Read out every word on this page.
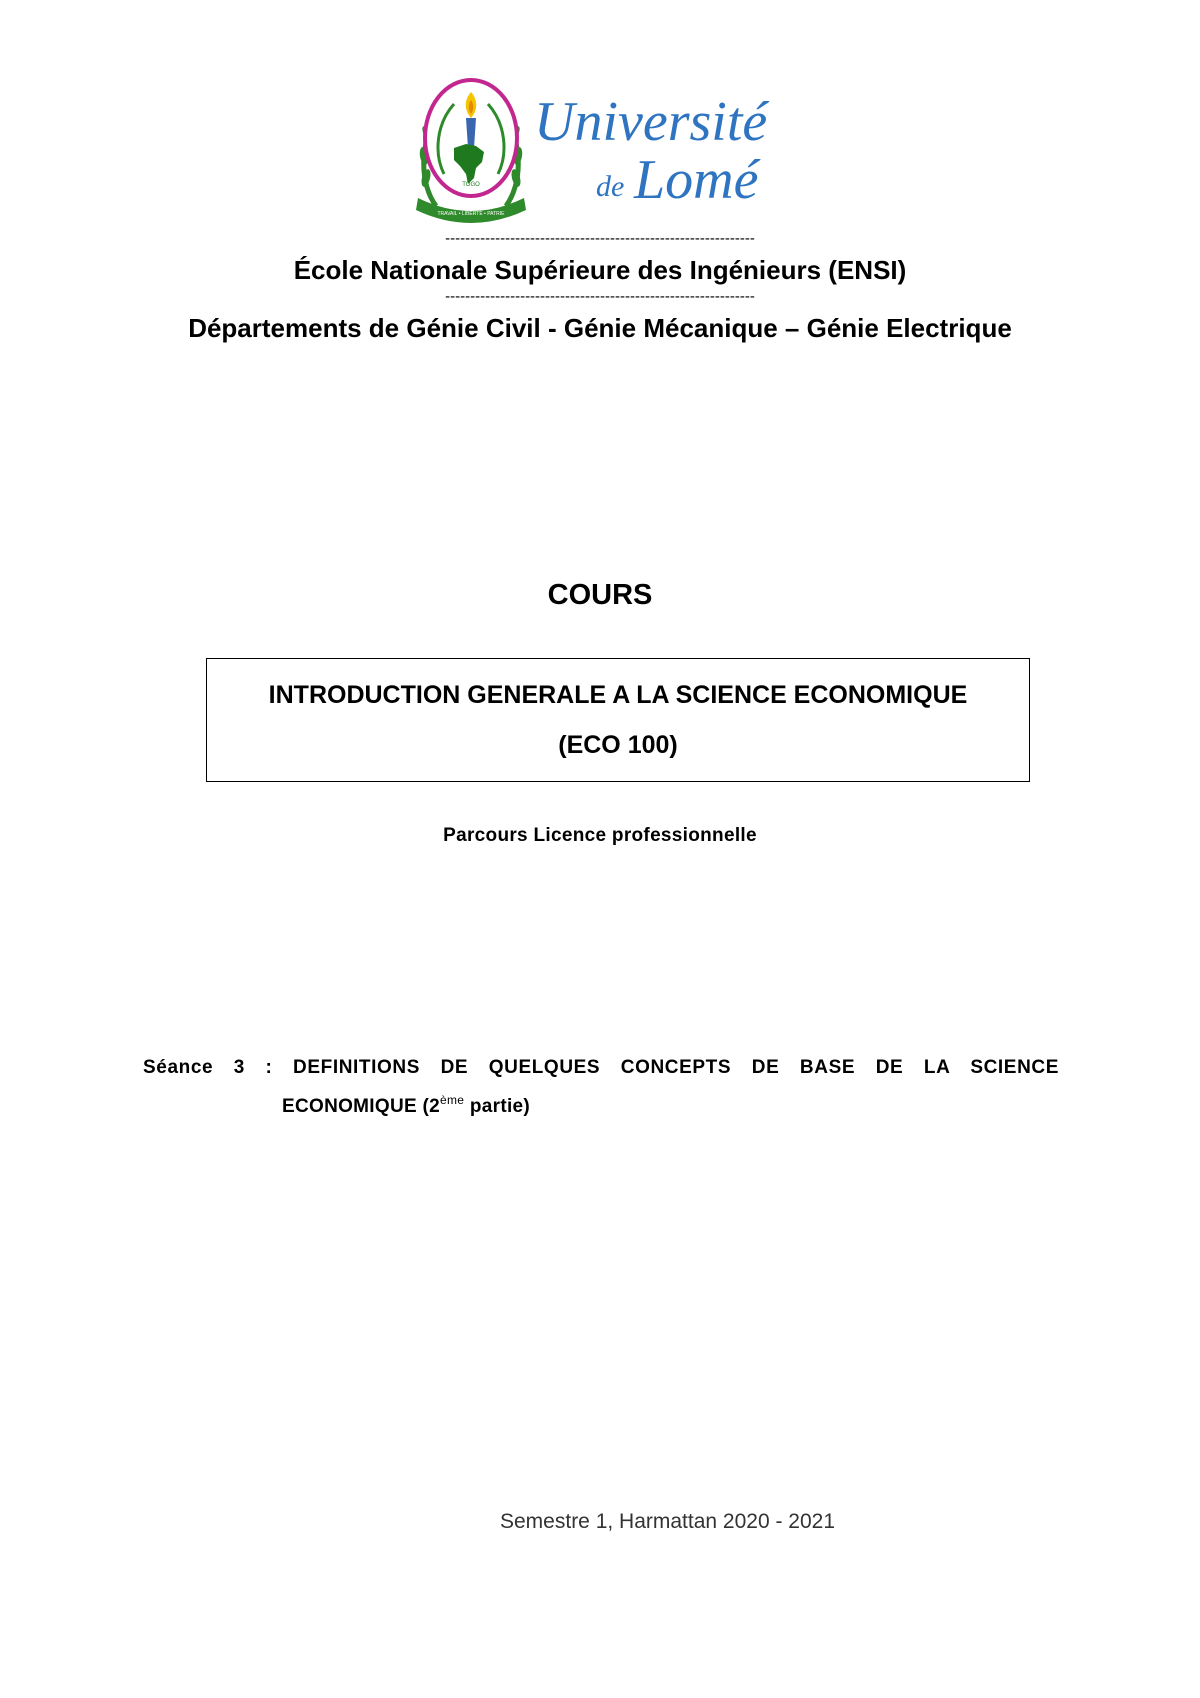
TOGO
TRAVAIL • LIBERTÉ • PATRIE
Université
de Lomé
--------------------------------------------------------------
École Nationale Supérieure des Ingénieurs (ENSI)
--------------------------------------------------------------
Départements de Génie Civil - Génie Mécanique – Génie Electrique
COURS
INTRODUCTION GENERALE A LA SCIENCE ECONOMIQUE
(ECO 100)
Parcours Licence professionnelle
Séance 3 : DEFINITIONS DE QUELQUES CONCEPTS DE BASE DE LA SCIENCE
ECONOMIQUE (2ème partie)
Semestre 1, Harmattan 2020 - 2021
